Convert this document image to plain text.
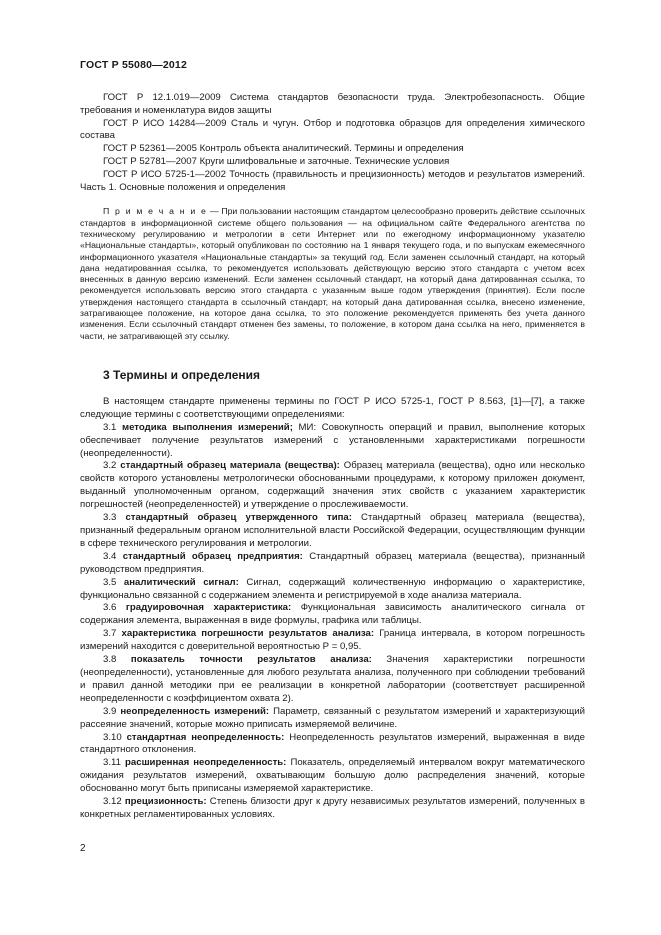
ГОСТ Р 55080—2012

ГОСТ Р 12.1.019—2009 Система стандартов безопасности труда. Электробезопасность. Общие требования и номенклатура видов защиты

ГОСТ Р ИСО 14284—2009 Сталь и чугун. Отбор и подготовка образцов для определения химического состава

ГОСТ Р 52361—2005 Контроль объекта аналитический. Термины и определения

ГОСТ Р 52781—2007 Круги шлифовальные и заточные. Технические условия

ГОСТ Р ИСО 5725-1—2002 Точность (правильность и прецизионность) методов и результатов измерений. Часть 1. Основные положения и определения

П р и м е ч а н и е — При пользовании настоящим стандартом целесообразно проверить действие ссылочных стандартов в информационной системе общего пользования — на официальном сайте Федерального агентства по техническому регулированию и метрологии в сети Интернет или по ежегодному информационному указателю «Национальные стандарты», который опубликован по состоянию на 1 января текущего года, и по выпускам ежемесячного информационного указателя «Национальные стандарты» за текущий год. Если заменен ссылочный стандарт, на который дана недатированная ссылка, то рекомендуется использовать действующую версию этого стандарта с учетом всех внесенных в данную версию изменений. Если заменен ссылочный стандарт, на который дана датированная ссылка, то рекомендуется использовать версию этого стандарта с указанным выше годом утверждения (принятия). Если после утверждения настоящего стандарта в ссылочный стандарт, на который дана датированная ссылка, внесено изменение, затрагивающее положение, на которое дана ссылка, то это положение рекомендуется применять без учета данного изменения. Если ссылочный стандарт отменен без замены, то положение, в котором дана ссылка на него, применяется в части, не затрагивающей эту ссылку.

3 Термины и определения

В настоящем стандарте применены термины по ГОСТ Р ИСО 5725-1, ГОСТ Р 8.563, [1]—[7], а также следующие термины с соответствующими определениями:

3.1 методика выполнения измерений; МИ: Совокупность операций и правил, выполнение которых обеспечивает получение результатов измерений с установленными характеристиками погрешности (неопределенности).

3.2 стандартный образец материала (вещества): Образец материала (вещества), одно или несколько свойств которого установлены метрологически обоснованными процедурами, к которому приложен документ, выданный уполномоченным органом, содержащий значения этих свойств с указанием характеристик погрешностей (неопределенностей) и утверждение о прослеживаемости.

3.3 стандартный образец утвержденного типа: Стандартный образец материала (вещества), признанный федеральным органом исполнительной власти Российской Федерации, осуществляющим функции в сфере технического регулирования и метрологии.

3.4 стандартный образец предприятия: Стандартный образец материала (вещества), признанный руководством предприятия.

3.5 аналитический сигнал: Сигнал, содержащий количественную информацию о характеристике, функционально связанной с содержанием элемента и регистрируемой в ходе анализа материала.

3.6 градуировочная характеристика: Функциональная зависимость аналитического сигнала от содержания элемента, выраженная в виде формулы, графика или таблицы.

3.7 характеристика погрешности результатов анализа: Граница интервала, в котором погрешность измерений находится с доверительной вероятностью Р = 0,95.

3.8 показатель точности результатов анализа: Значения характеристики погрешности (неопределенности), установленные для любого результата анализа, полученного при соблюдении требований и правил данной методики при ее реализации в конкретной лаборатории (соответствует расширенной неопределенности с коэффициентом охвата 2).

3.9 неопределенность измерений: Параметр, связанный с результатом измерений и характеризующий рассеяние значений, которые можно приписать измеряемой величине.

3.10 стандартная неопределенность: Неопределенность результатов измерений, выраженная в виде стандартного отклонения.

3.11 расширенная неопределенность: Показатель, определяемый интервалом вокруг математического ожидания результатов измерений, охватывающим большую долю распределения значений, которые обоснованно могут быть приписаны измеряемой характеристике.

3.12 прецизионность: Степень близости друг к другу независимых результатов измерений, полученных в конкретных регламентированных условиях.

2
